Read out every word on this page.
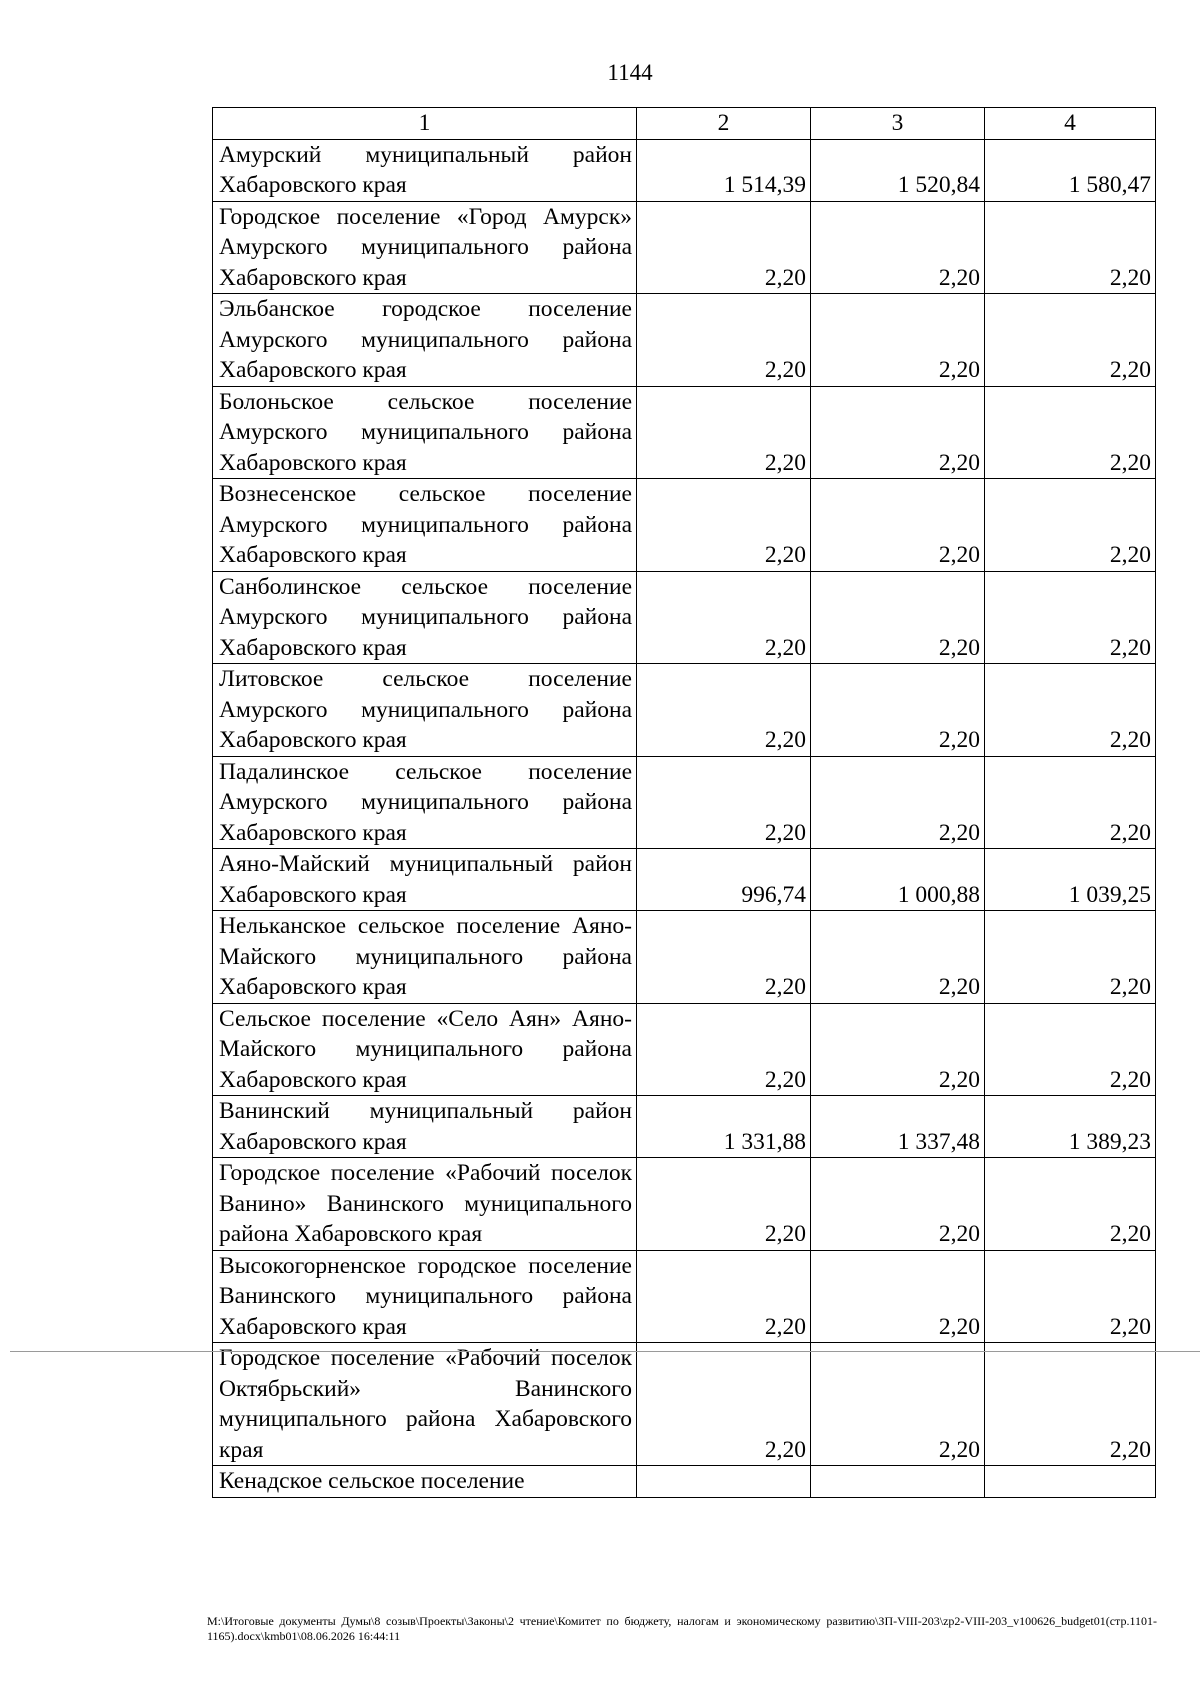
1144
1	2	3	4
Амурский муниципальный район Хабаровского края	1 514,39	1 520,84	1 580,47
Городское поселение «Город Амурск» Амурского муниципального района Хабаровского края	2,20	2,20	2,20
Эльбанское городское поселение Амурского муниципального района Хабаровского края	2,20	2,20	2,20
Болоньское сельское поселение Амурского муниципального района Хабаровского края	2,20	2,20	2,20
Вознесенское сельское поселение Амурского муниципального района Хабаровского края	2,20	2,20	2,20
Санболинское сельское поселение Амурского муниципального района Хабаровского края	2,20	2,20	2,20
Литовское сельское поселение Амурского муниципального района Хабаровского края	2,20	2,20	2,20
Падалинское сельское поселение Амурского муниципального района Хабаровского края	2,20	2,20	2,20
Аяно-Майский муниципальный район Хабаровского края	996,74	1 000,88	1 039,25
Нельканское сельское поселение Аяно-Майского муниципального района Хабаровского края	2,20	2,20	2,20
Сельское поселение «Село Аян» Аяно-Майского муниципального района Хабаровского края	2,20	2,20	2,20
Ванинский муниципальный район Хабаровского края	1 331,88	1 337,48	1 389,23
Городское поселение «Рабочий поселок Ванино» Ванинского муниципального района Хабаровского края	2,20	2,20	2,20
Высокогорненское городское поселение Ванинского муниципального района Хабаровского края	2,20	2,20	2,20
Городское поселение «Рабочий поселок Октябрьский» Ванинского муниципального района Хабаровского края	2,20	2,20	2,20
Кенадское сельское поселение			
M:\Итоговые документы Думы\8 созыв\Проекты\Законы\2 чтение\Комитет по бюджету, налогам и экономическому развитию\ЗП-VIII-203\zp2-VIII-203_v100626_budget01(стр.1101-1165).docx\kmb01\08.06.2026 16:44:11
